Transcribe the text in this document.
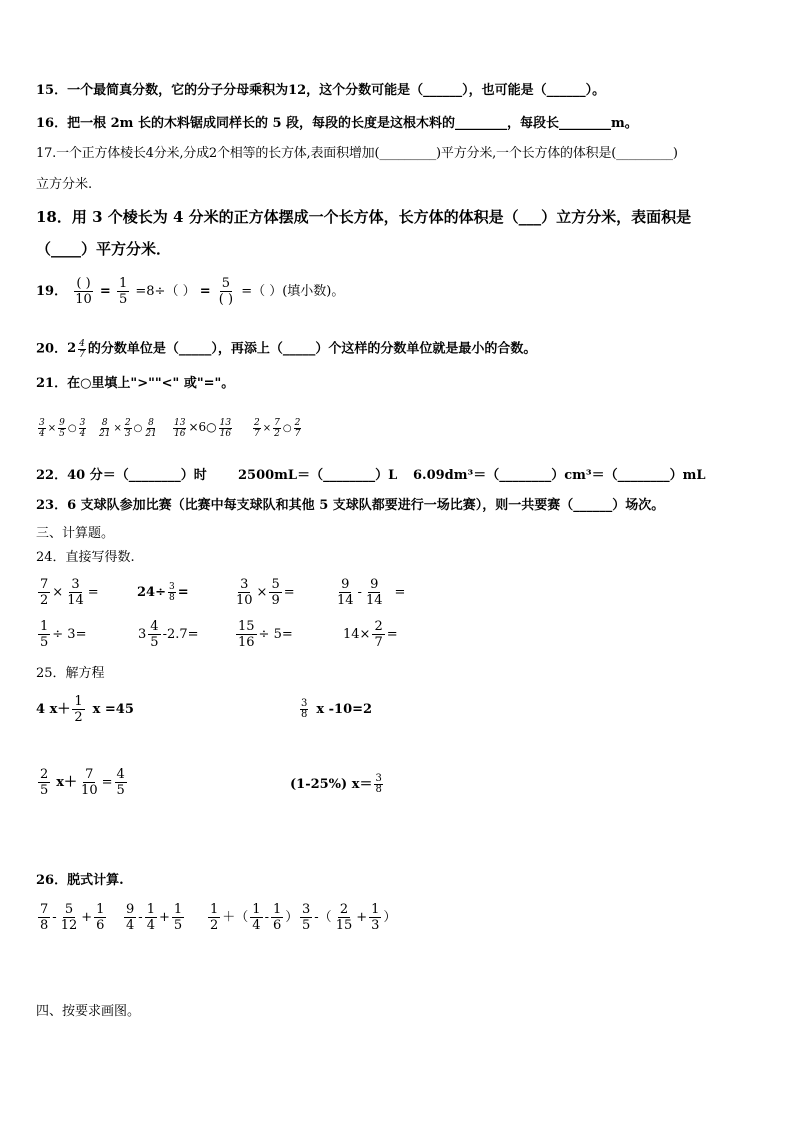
15．一个最简真分数，它的分子分母乘积为12，这个分数可能是（______），也可能是（______）。
16．把一根 2m 长的木料锯成同样长的 5 段，每段的长度是这根木料的________，每段长________m。
17.一个正方体棱长4分米,分成2个相等的长方体,表面积增加(_________)平方分米,一个长方体的体积是(_________)
立方分米.
18．用 3 个棱长为 4 分米的正方体摆成一个长方体，长方体的体积是（___）立方分米，表面积是
（____）平方分米．
19．
( )
10
= $\frac{1}{5} =8\div$（ ） =
5
( )
=（ ）(填小数)。
20． 2 4
7 的分数单位是（_____），再添上（_____）个这样的分数单位就是最小的合数。
21．在○里填上">""<" 或"="。
$\frac{3}{4} \times \frac{9}{5}$ ○ $\frac{3}{4} \frac{8}{21} \times \frac{2}{3}$ ○ $\frac{8}{21} \frac{13}{16}$ ×6○ $\frac{13}{16} \frac{2}{7} \times \frac{7}{2}$ ○ $\frac{2}{7}$
22．40 分＝（________）时 2500mL＝（________）L 6.09dm³＝（________）cm³＝（________）mL
23．6 支球队参加比赛（比赛中每支球队和其他 5 支球队都要进行一场比赛），则一共要赛（______）场次。
三、计算题。
24．直接写得数.
$\frac{7}{2} \times \frac{3}{14}$ =	$24\div \frac{3}{8}$ =	$\frac{3}{10} \times \frac{5}{9}$ =	$\frac{9}{14} - \frac{9}{14}$ =
$\frac{1}{5} \div 3=$	$3 \frac{4}{5} -2.7=$	$\frac{15}{16} \div 5=$	$14\times \frac{2}{7}$ =
25．解方程
4 $x+ \frac{1}{2}$ x =45	$\frac{3}{8}$ x -10=2
$\frac{2}{5} x+ \frac{7}{10} = \frac{4}{5}$	(1-25%) $x= \frac{3}{8}$
26．脱式计算.
$\frac{7}{8} - \frac{5}{12} + \frac{1}{6} \frac{9}{4} - \frac{1}{4} + \frac{1}{5} \frac{1}{2}$ ＋（ $\frac{1}{4} - \frac{1}{6}$ ） $\frac{3}{5}$ -（ $\frac{2}{15} + \frac{1}{3}$ ）
四、按要求画图。
